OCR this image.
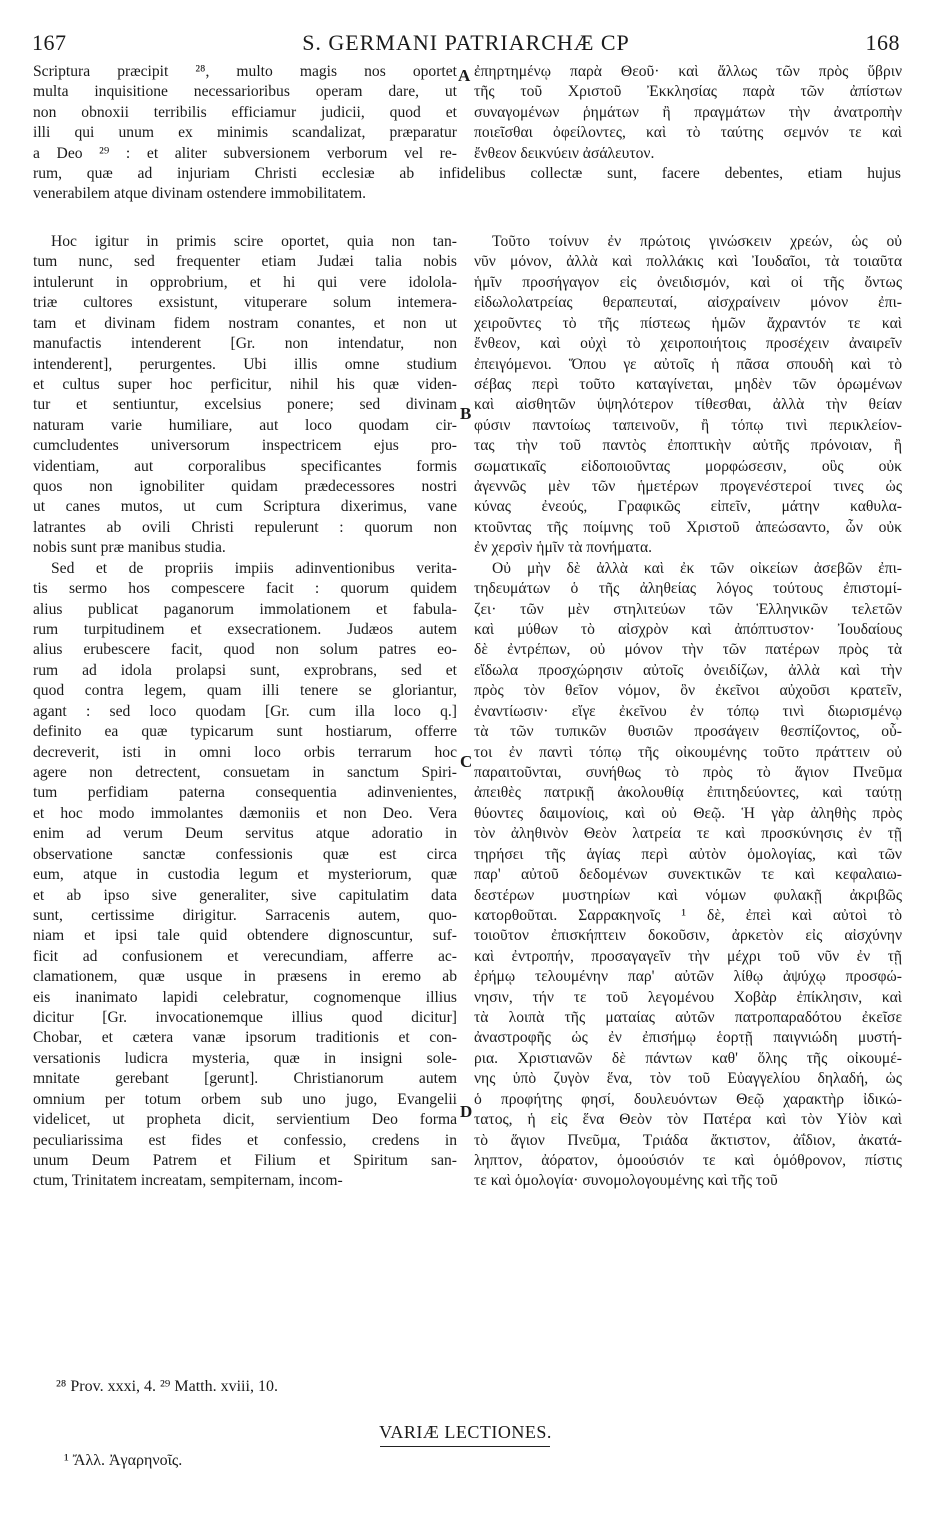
167	S. GERMANI PATRIARCHÆ CP	168
Scriptura præcipit ²⁸, multo magis nos oportet
multa inquisitione necessarioribus operam dare, ut
non obnoxii terribilis efficiamur judicii, quod et
illi qui unum ex minimis scandalizat, præparatur
a Deo ²⁹ : et aliter subversionem verborum vel re-
ἐπηρτημένῳ παρὰ Θεοῦ· καὶ ἄλλως τῶν πρὸς ὕβριν
τῆς τοῦ Χριστοῦ Ἐκκλησίας παρὰ τῶν ἀπίστων
συναγομένων ῥημάτων ἢ πραγμάτων τὴν ἀνατροπὴν
ποιεῖσθαι ὀφείλοντες, καὶ τὸ ταύτης σεμνόν τε καὶ
ἔνθεον δεικνύειν ἀσάλευτον.
rum, quæ ad injuriam Christi ecclesiæ ab infidelibus collectæ sunt, facere debentes, etiam hujus
venerabilem atque divinam ostendere immobilitatem.
Hoc igitur in primis scire oportet, quia non tan-
tum nunc, sed frequenter etiam Judæi talia nobis
intulerunt in opprobrium, et hi qui vere idolola-
triæ cultores exsistunt, vituperare solum intemera-
tam et divinam fidem nostram conantes, et non ut
manufactis intenderent [Gr. non intendatur, non
intenderent], perurgentes. Ubi illis omne studium
et cultus super hoc perficitur, nihil his quæ viden-
tur et sentiuntur, excelsius ponere; sed divinam
naturam varie humiliare, aut loco quodam cir-
cumcludentes universorum inspectricem ejus pro-
videntiam, aut corporalibus specificantes formis
quos non ignobiliter quidam prædecessores nostri
ut canes mutos, ut cum Scriptura dixerimus, vane
latrantes ab ovili Christi repulerunt : quorum non
nobis sunt præ manibus studia.
Sed et de propriis impiis adinventionibus verita-
tis sermo hos compescere facit : quorum quidem
alius publicat paganorum immolationem et fabula-
rum turpitudinem et exsecrationem. Judæos autem
alius erubescere facit, quod non solum patres eo-
rum ad idola prolapsi sunt, exprobrans, sed et
quod contra legem, quam illi tenere se gloriantur,
agant : sed loco quodam [Gr. cum illa loco q.]
definito ea quæ typicarum sunt hostiarum, offerre
decreverit, isti in omni loco orbis terrarum hoc
agere non detrectent, consuetam in sanctum Spiri-
tum perfidiam paterna consequentia adinvenientes,
et hoc modo immolantes dæmoniis et non Deo. Vera
enim ad verum Deum servitus atque adoratio in
observatione sanctæ confessionis quæ est circa
eum, atque in custodia legum et mysteriorum, quæ
et ab ipso sive generaliter, sive capitulatim data
sunt, certissime dirigitur. Sarracenis autem, quo-
niam et ipsi tale quid obtendere dignoscuntur, suf-
ficit ad confusionem et verecundiam, afferre ac-
clamationem, quæ usque in præsens in eremo ab
eis inanimato lapidi celebratur, cognomenque illius
dicitur [Gr. invocationemque illius quod dicitur]
Chobar, et cætera vanæ ipsorum traditionis et con-
versationis ludicra mysteria, quæ in insigni sole-
mnitate gerebant [gerunt]. Christianorum autem
omnium per totum orbem sub uno jugo, Evangelii
videlicet, ut propheta dicit, servientium Deo forma
peculiarissima est fides et confessio, credens in
unum Deum Patrem et Filium et Spiritum san-
ctum, Trinitatem increatam, sempiternam, incom-
Τοῦτο τοίνυν ἐν πρώτοις γινώσκειν χρεών, ὡς οὐ
νῦν μόνον, ἀλλὰ καὶ πολλάκις καὶ Ἰουδαῖοι, τὰ τοιαῦτα
ἡμῖν προσήγαγον εἰς ὀνειδισμόν, καὶ οἱ τῆς ὄντως
εἰδωλολατρείας θεραπευταί, αἰσχραίνειν μόνον ἐπι-
χειροῦντες τὸ τῆς πίστεως ἡμῶν ἄχραντόν τε καὶ
ἔνθεον, καὶ οὐχὶ τὸ χειροποιήτοις προσέχειν ἀναιρεῖν
ἐπειγόμενοι. Ὅπου γε αὐτοῖς ἡ πᾶσα σπουδὴ καὶ τὸ
σέβας περὶ τοῦτο καταγίνεται, μηδὲν τῶν ὁρωμένων
καὶ αἰσθητῶν ὑψηλότερον τίθεσθαι, ἀλλὰ τὴν θείαν
φύσιν παντοίως ταπεινοῦν, ἢ τόπῳ τινὶ περικλείον-
τας τὴν τοῦ παντὸς ἐποπτικὴν αὐτῆς πρόνοιαν, ἢ
σωματικαῖς εἰδοποιοῦντας μορφώσεσιν, οὓς οὐκ
ἀγεννῶς μὲν τῶν ἡμετέρων προγενέστεροί τινες ὡς
κύνας ἐνεούς, Γραφικῶς εἰπεῖν, μάτην καθυλα-
κτοῦντας τῆς ποίμνης τοῦ Χριστοῦ ἀπεώσαντο, ὧν οὐκ
ἐν χερσὶν ἡμῖν τὰ πονήματα.
Οὐ μὴν δὲ ἀλλὰ καὶ ἐκ τῶν οἰκείων ἀσεβῶν ἐπι-
τηδευμάτων ὁ τῆς ἀληθείας λόγος τούτους ἐπιστομί-
ζει· τῶν μὲν στηλιτεύων τῶν Ἑλληνικῶν τελετῶν
καὶ μύθων τὸ αἰσχρὸν καὶ ἀπόπτυστον· Ἰουδαίους
δὲ ἐντρέπων, οὐ μόνον τὴν τῶν πατέρων πρὸς τὰ
εἴδωλα προσχώρησιν αὐτοῖς ὀνειδίζων, ἀλλὰ καὶ τὴν
πρὸς τὸν θεῖον νόμον, ὃν ἐκεῖνοι αὐχοῦσι κρατεῖν,
ἐναντίωσιν· εἴγε ἐκεῖνου ἐν τόπῳ τινὶ διωρισμένῳ
τὰ τῶν τυπικῶν θυσιῶν προσάγειν θεσπίζοντος, οὗ-
τοι ἐν παντὶ τόπῳ τῆς οἰκουμένης τοῦτο πράττειν οὐ
παραιτοῦνται, συνήθως τὸ πρὸς τὸ ἅγιον Πνεῦμα
ἀπειθὲς πατρικῇ ἀκολουθίᾳ ἐπιτηδεύοντες, καὶ ταύτῃ
θύοντες δαιμονίοις, καὶ οὐ Θεῷ. Ἡ γὰρ ἀληθὴς πρὸς
τὸν ἀληθινὸν Θεὸν λατρεία τε καὶ προσκύνησις ἐν τῇ
τηρήσει τῆς ἁγίας περὶ αὐτὸν ὁμολογίας, καὶ τῶν
παρ' αὐτοῦ δεδομένων συνεκτικῶν τε καὶ κεφαλαιω-
δεστέρων μυστηρίων καὶ νόμων φυλακῇ ἀκριβῶς
κατορθοῦται. Σαρρακηνοῖς ¹ δὲ, ἐπεὶ καὶ αὐτοὶ τὸ
τοιοῦτον ἐπισκήπτειν δοκοῦσιν, ἀρκετὸν εἰς αἰσχύνην
καὶ ἐντροπήν, προσαγαγεῖν τὴν μέχρι τοῦ νῦν ἐν τῇ
ἐρήμῳ τελουμένην παρ' αὐτῶν λίθῳ ἀψύχῳ προσφώ-
νησιν, τήν τε τοῦ λεγομένου Χοβὰρ ἐπίκλησιν, καὶ
τὰ λοιπὰ τῆς ματαίας αὐτῶν πατροπαραδότου ἐκεῖσε
ἀναστροφῆς ὡς ἐν ἐπισήμῳ ἑορτῇ παιγνιώδη μυστή-
ρια. Χριστιανῶν δὲ πάντων καθ' ὅλης τῆς οἰκουμέ-
νης ὑπὸ ζυγὸν ἕνα, τὸν τοῦ Εὐαγγελίου δηλαδή, ὡς
ὁ προφήτης φησί, δουλευόντων Θεῷ χαρακτὴρ ἰδικώ-
τατος, ἡ εἰς ἕνα Θεὸν τὸν Πατέρα καὶ τὸν Υἱὸν καὶ
τὸ ἅγιον Πνεῦμα, Τριάδα ἄκτιστον, ἀΐδιον, ἀκατά-
ληπτον, ἀόρατον, ὁμοούσιόν τε καὶ ὁμόθρονον, πίστις
τε καὶ ὁμολογία· συνομολογουμένης καὶ τῆς τοῦ
A
B
C
D
²⁸ Prov. xxxi, 4. ²⁹ Matth. xviii, 10.
VARIÆ LECTIONES.
¹ Ἄλλ. Ἀγαρηνοῖς.
